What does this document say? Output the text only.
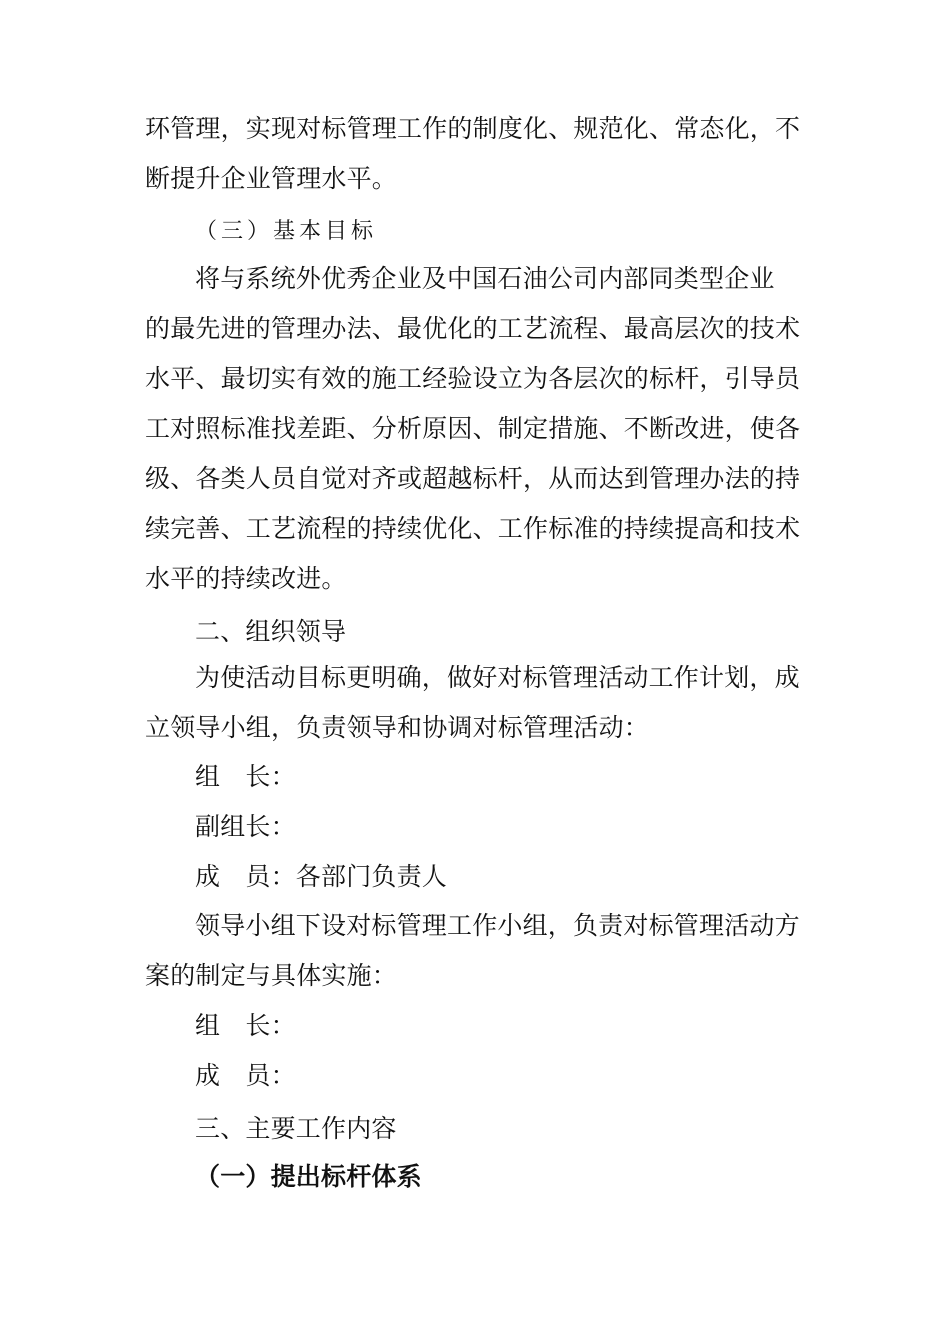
环管理，实现对标管理工作的制度化、规范化、常态化，不
断提升企业管理水平。
（三）基本目标
将与系统外优秀企业及中国石油公司内部同类型企业
的最先进的管理办法、最优化的工艺流程、最高层次的技术
水平、最切实有效的施工经验设立为各层次的标杆，引导员
工对照标准找差距、分析原因、制定措施、不断改进，使各
级、各类人员自觉对齐或超越标杆，从而达到管理办法的持
续完善、工艺流程的持续优化、工作标准的持续提高和技术
水平的持续改进。
二、组织领导
为使活动目标更明确，做好对标管理活动工作计划，成
立领导小组，负责领导和协调对标管理活动：
组　长：
副组长：
成　员：各部门负责人
领导小组下设对标管理工作小组，负责对标管理活动方
案的制定与具体实施：
组　长：
成　员：
三、主要工作内容
（一）提出标杆体系
